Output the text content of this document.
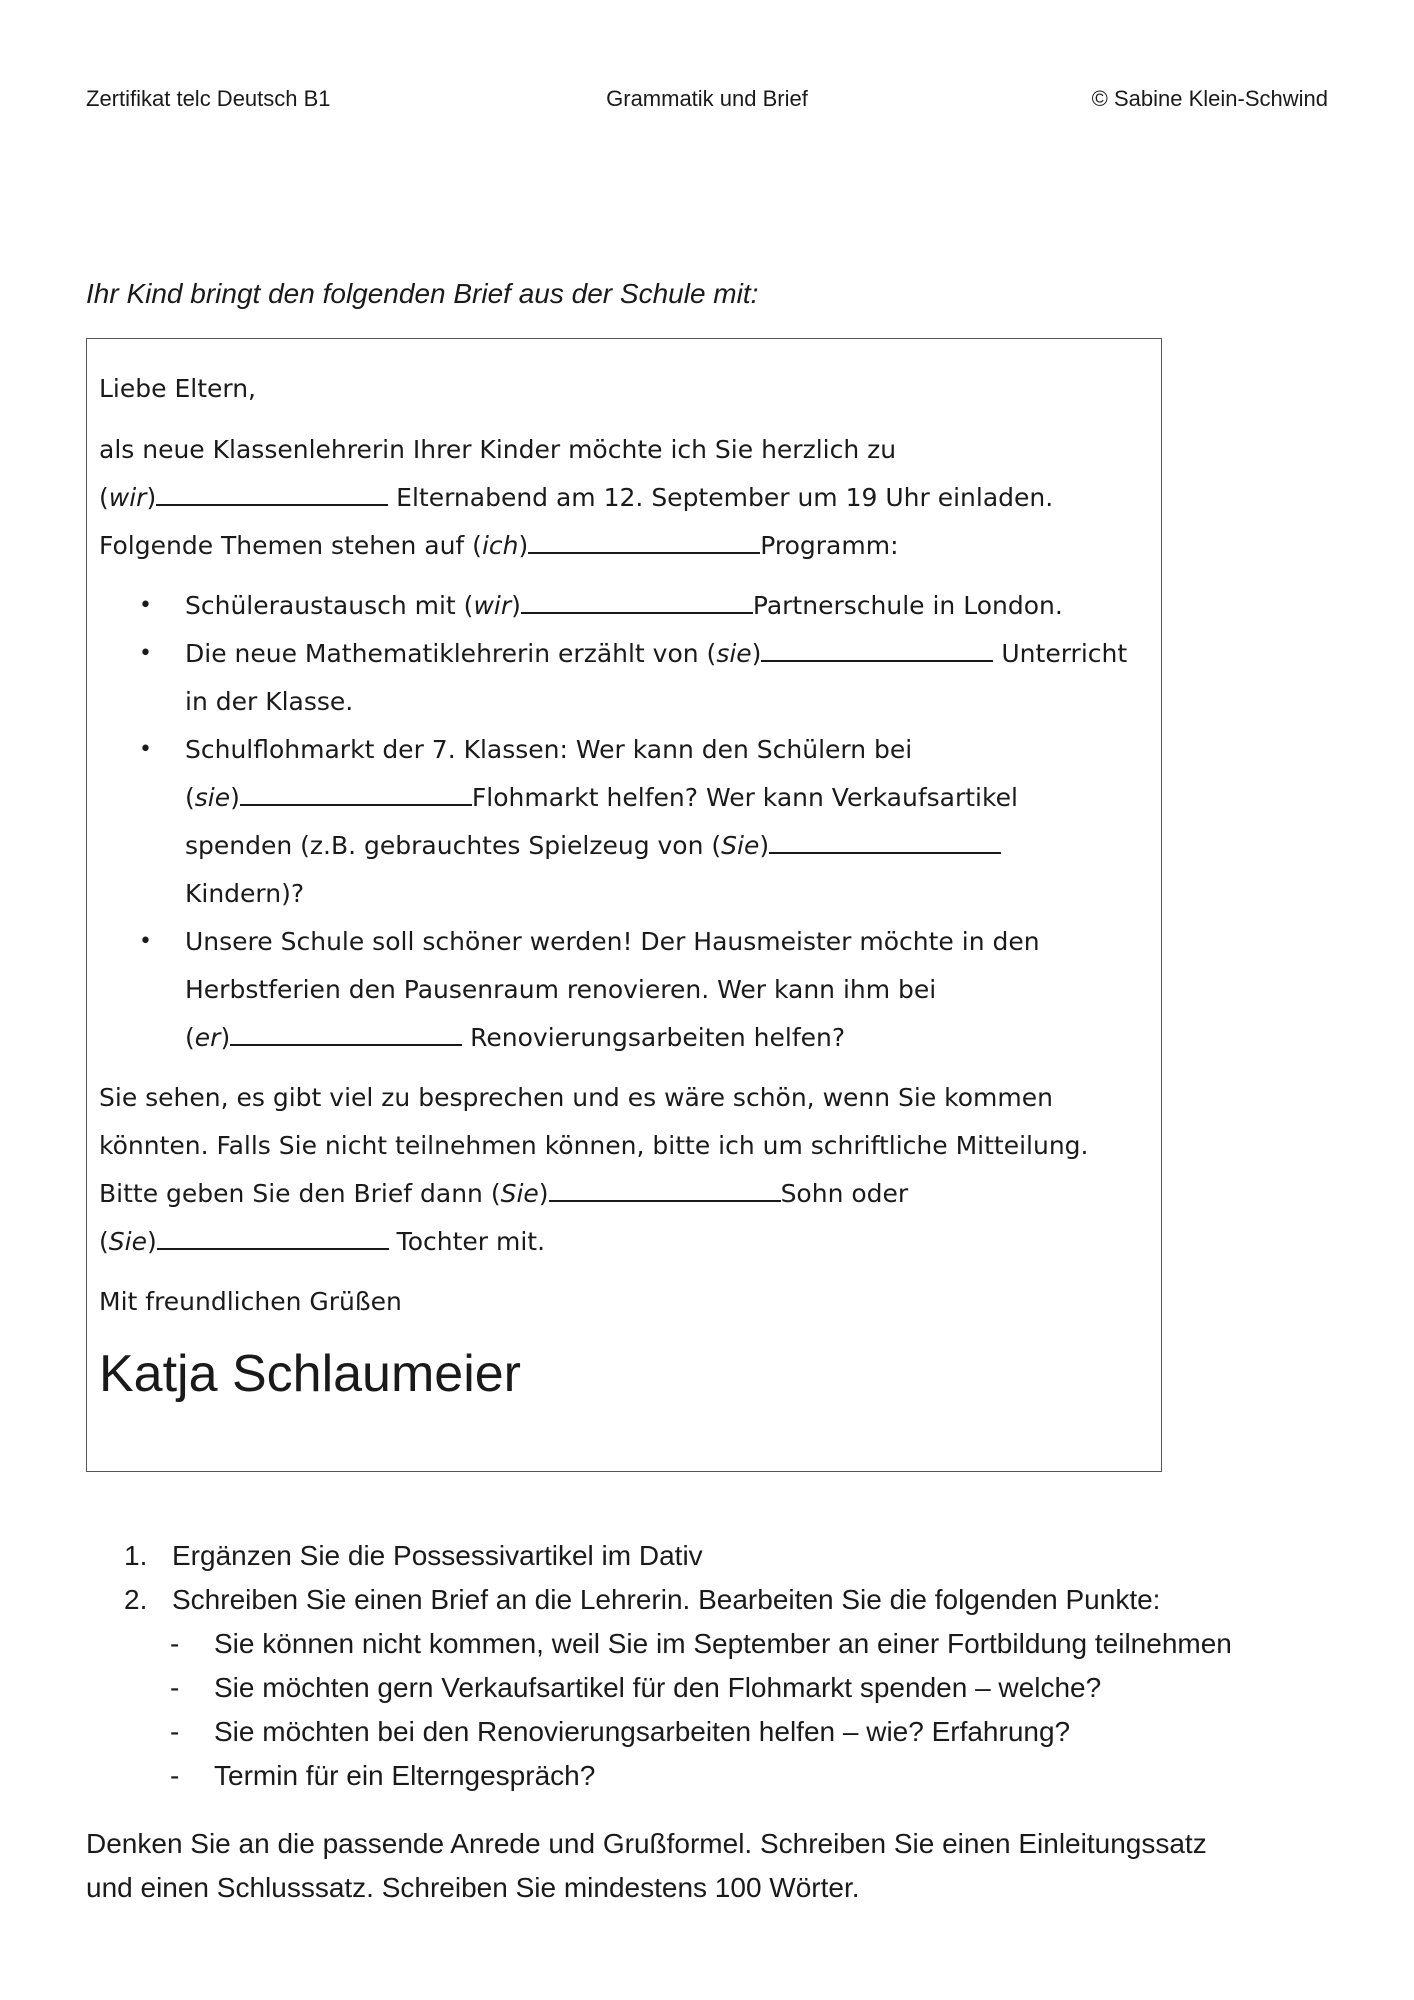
Zertifikat telc Deutsch B1	Grammatik und Brief	© Sabine Klein-Schwind
Ihr Kind bringt den folgenden Brief aus der Schule mit:

Liebe Eltern,

als neue Klassenlehrerin Ihrer Kinder möchte ich Sie herzlich zu

(wir)	Elternabend am 12. September um 19 Uhr einladen.

Folgende Themen stehen auf (ich)	Programm:

• Schüleraustausch mit (wir)	Partnerschule in London.
• Die neue Mathematiklehrerin erzählt von (sie)	Unterricht
in der Klasse.
• Schulflohmarkt der 7. Klassen: Wer kann den Schülern bei
(sie)	Flohmarkt helfen? Wer kann Verkaufsartikel
spenden (z.B. gebrauchtes Spielzeug von (Sie)
Kindern)?
• Unsere Schule soll schöner werden! Der Hausmeister möchte in den
Herbstferien den Pausenraum renovieren. Wer kann ihm bei
(er)	Renovierungsarbeiten helfen?

Sie sehen, es gibt viel zu besprechen und es wäre schön, wenn Sie kommen

könnten. Falls Sie nicht teilnehmen können, bitte ich um schriftliche Mitteilung.

Bitte geben Sie den Brief dann (Sie)	Sohn oder

(Sie)	Tochter mit.

Mit freundlichen Grüßen

Katja Schlaumeier

1. Ergänzen Sie die Possessivartikel im Dativ
2. Schreiben Sie einen Brief an die Lehrerin. Bearbeiten Sie die folgenden Punkte:
- Sie können nicht kommen, weil Sie im September an einer Fortbildung teilnehmen
- Sie möchten gern Verkaufsartikel für den Flohmarkt spenden – welche?
- Sie möchten bei den Renovierungsarbeiten helfen – wie? Erfahrung?
- Termin für ein Elterngespräch?

Denken Sie an die passende Anrede und Grußformel. Schreiben Sie einen Einleitungssatz

und einen Schlusssatz. Schreiben Sie mindestens 100 Wörter.
